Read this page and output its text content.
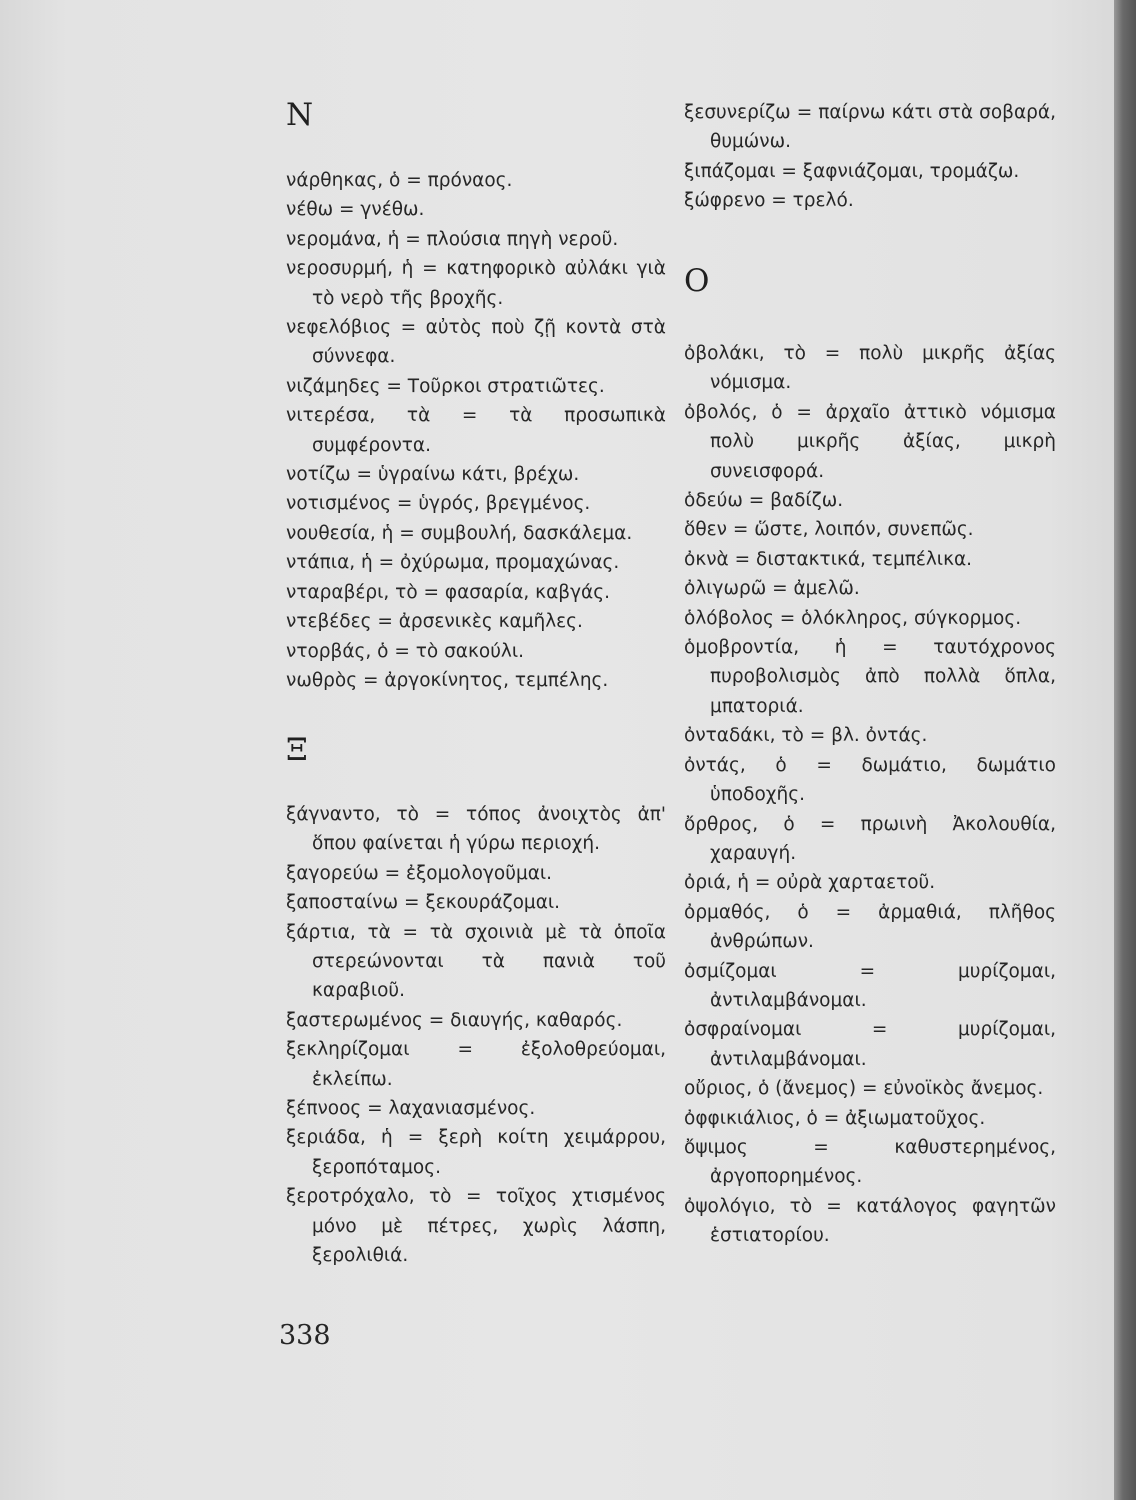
N
νάρθηκας, ὁ = πρόναος.
νέθω = γνέθω.
νερομάνα, ἡ = πλούσια πηγὴ νεροῦ.
νεροσυρμή, ἡ = κατηφορικὸ αὐλάκι γιὰ τὸ νερὸ τῆς βροχῆς.
νεφελόβιος = αὐτὸς ποὺ ζῇ κοντὰ στὰ σύννεφα.
νιζάμηδες = Τοῦρκοι στρατιῶτες.
νιτερέσα, τὰ = τὰ προσωπικὰ συμφέροντα.
νοτίζω = ὑγραίνω κάτι, βρέχω.
νοτισμένος = ὑγρός, βρεγμένος.
νουθεσία, ἡ = συμβουλή, δασκάλεμα.
ντάπια, ἡ = ὀχύρωμα, προμαχώνας.
νταραβέρι, τὸ = φασαρία, καβγάς.
ντεβέδες = ἀρσενικὲς καμῆλες.
ντορβάς, ὁ = τὸ σακούλι.
νωθρὸς = ἀργοκίνητος, τεμπέλης.
Ξ
ξάγναντο, τὸ = τόπος ἀνοιχτὸς ἀπ' ὅπου φαίνεται ἡ γύρω περιοχή.
ξαγορεύω = ἐξομολογοῦμαι.
ξαποσταίνω = ξεκουράζομαι.
ξάρτια, τὰ = τὰ σχοινιὰ μὲ τὰ ὁποῖα στερεώνονται τὰ πανιὰ τοῦ καραβιοῦ.
ξαστερωμένος = διαυγής, καθαρός.
ξεκληρίζομαι = ἐξολοθρεύομαι, ἐκλείπω.
ξέπνοος = λαχανιασμένος.
ξεριάδα, ἡ = ξερὴ κοίτη χειμάρρου, ξεροπόταμος.
ξεροτρόχαλο, τὸ = τοῖχος χτισμένος μόνο μὲ πέτρες, χωρὶς λάσπη, ξερολιθιά.
ξεσυνερίζω = παίρνω κάτι στὰ σοβαρά, θυμώνω.
ξιπάζομαι = ξαφνιάζομαι, τρομάζω.
ξώφρενο = τρελό.
Ο
ὀβολάκι, τὸ = πολὺ μικρῆς ἀξίας νόμισμα.
ὀβολός, ὁ = ἀρχαῖο ἀττικὸ νόμισμα πολὺ μικρῆς ἀξίας, μικρὴ συνεισφορά.
ὁδεύω = βαδίζω.
ὅθεν = ὥστε, λοιπόν, συνεπῶς.
ὀκνὰ = διστακτικά, τεμπέλικα.
ὀλιγωρῶ = ἀμελῶ.
ὁλόβολος = ὁλόκληρος, σύγκορμος.
ὁμοβροντία, ἡ = ταυτόχρονος πυροβολισμὸς ἀπὸ πολλὰ ὅπλα, μπατοριά.
ὀνταδάκι, τὸ = βλ. ὀντάς.
ὀντάς, ὁ = δωμάτιο, δωμάτιο ὑποδοχῆς.
ὄρθρος, ὁ = πρωινὴ Ἀκολουθία, χαραυγή.
ὀριά, ἡ = οὐρὰ χαρταετοῦ.
ὀρμαθός, ὁ = ἀρμαθιά, πλῆθος ἀνθρώπων.
ὀσμίζομαι = μυρίζομαι, ἀντιλαμβάνομαι.
ὀσφραίνομαι = μυρίζομαι, ἀντιλαμβάνομαι.
οὔριος, ὁ (ἄνεμος) = εὐνοϊκὸς ἄνεμος.
ὀφφικιάλιος, ὁ = ἀξιωματοῦχος.
ὄψιμος = καθυστερημένος, ἀργοπορημένος.
ὀψολόγιο, τὸ = κατάλογος φαγητῶν ἑστιατορίου.
338
